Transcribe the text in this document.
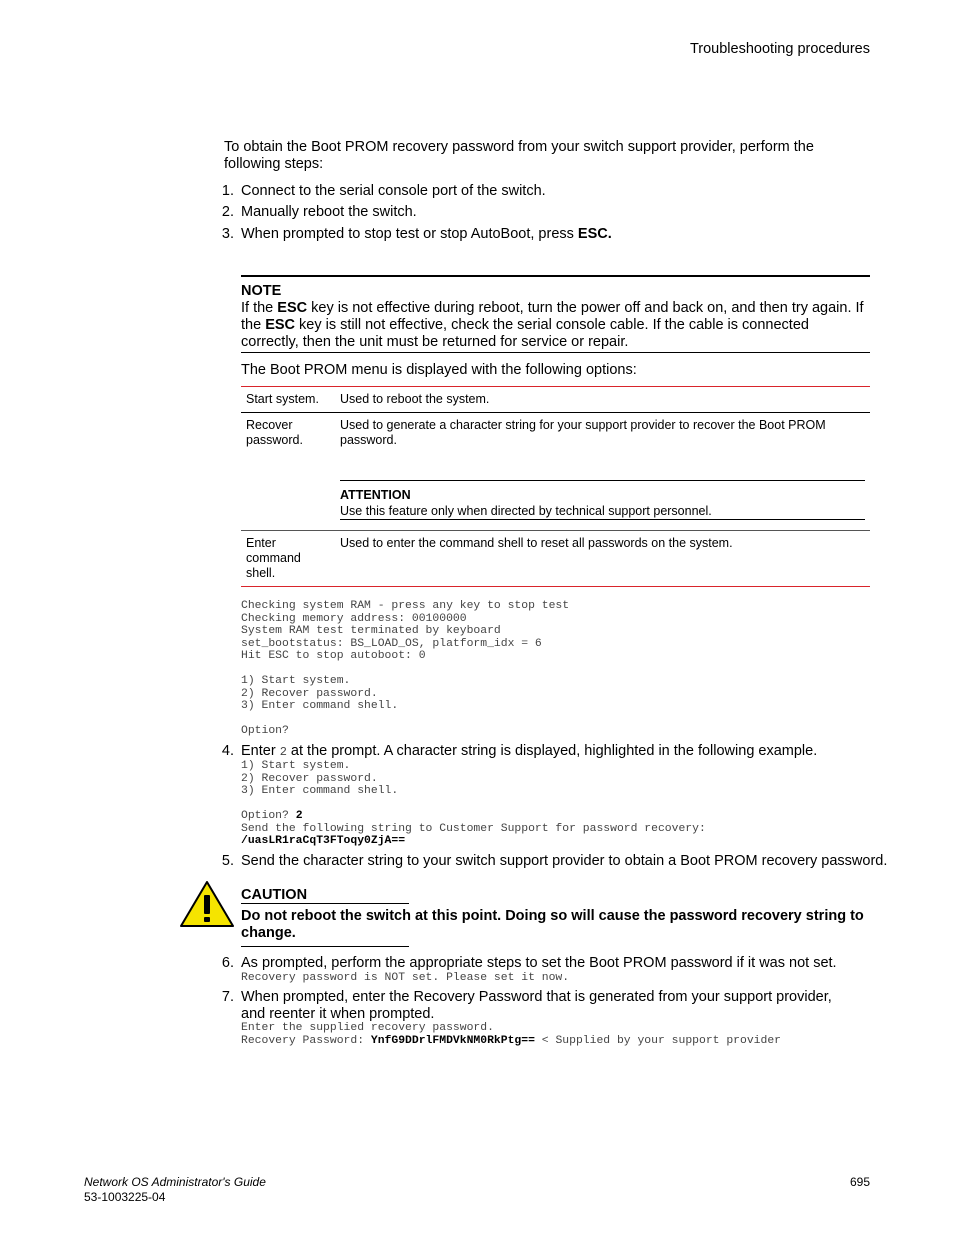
Troubleshooting procedures
To obtain the Boot PROM recovery password from your switch support provider, perform the following steps:
1. Connect to the serial console port of the switch.
2. Manually reboot the switch.
3. When prompted to stop test or stop AutoBoot, press ESC.
NOTE
If the ESC key is not effective during reboot, turn the power off and back on, and then try again. If the ESC key is still not effective, check the serial console cable. If the cable is connected correctly, then the unit must be returned for service or repair.
The Boot PROM menu is displayed with the following options:
Start system. Used to reboot the system.
Recover password.
Used to generate a character string for your support provider to recover the Boot PROM password.
ATTENTION
Use this feature only when directed by technical support personnel.
Enter command shell.
Used to enter the command shell to reset all passwords on the system.
Checking system RAM - press any key to stop test
Checking memory address: 00100000
System RAM test terminated by keyboard
set_bootstatus: BS_LOAD_OS, platform_idx = 6
Hit ESC to stop autoboot: 0
1) Start system.
2) Recover password.
3) Enter command shell.
Option?
4. Enter 2 at the prompt. A character string is displayed, highlighted in the following example.
1) Start system.
2) Recover password.
3) Enter command shell.
Option? 2
Send the following string to Customer Support for password recovery:
/uasLR1raCqT3FToqy0ZjA==
5. Send the character string to your switch support provider to obtain a Boot PROM recovery password.
CAUTION
Do not reboot the switch at this point. Doing so will cause the password recovery string to change.
6. As prompted, perform the appropriate steps to set the Boot PROM password if it was not set.
Recovery password is NOT set. Please set it now.
7. When prompted, enter the Recovery Password that is generated from your support provider, and reenter it when prompted.
Enter the supplied recovery password.
Recovery Password: YnfG9DDrlFMDVkNM0RkPtg== < Supplied by your support provider
Network OS Administrator's Guide
53-1003225-04
695
